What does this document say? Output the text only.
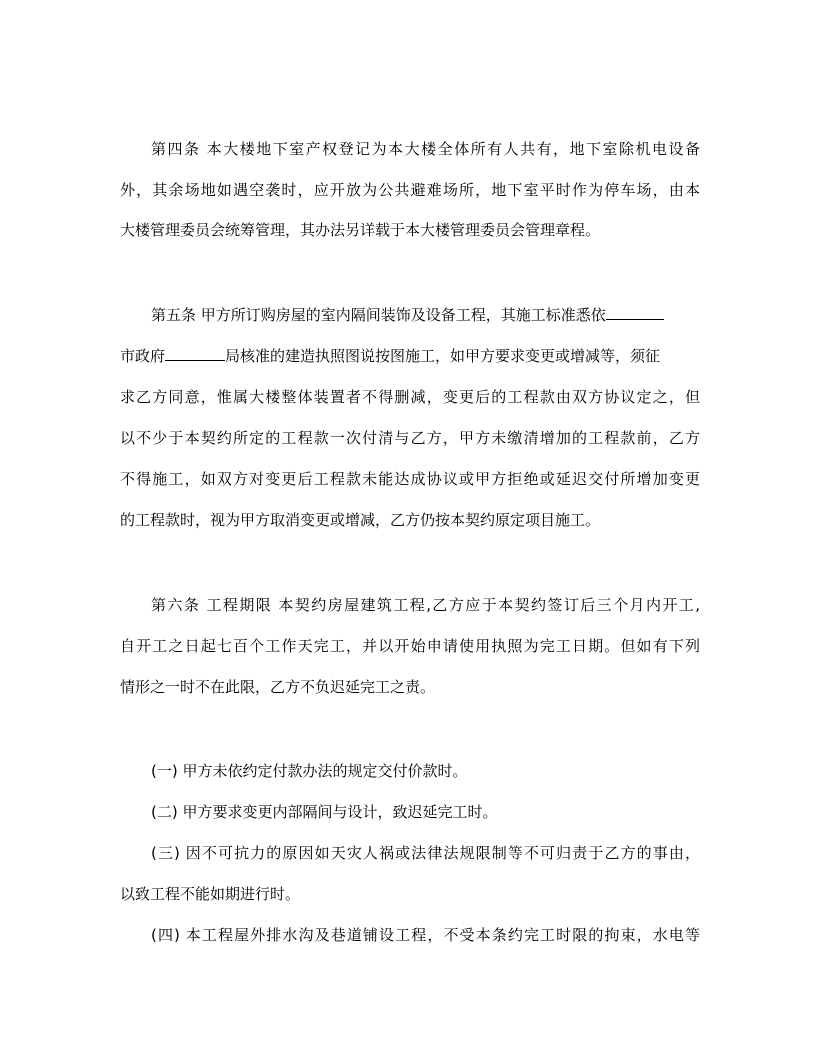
第四条 本大楼地下室产权登记为本大楼全体所有人共有，地下室除机电设备
外，其余场地如遇空袭时，应开放为公共避难场所，地下室平时作为停车场，由本
大楼管理委员会统筹管理，其办法另详载于本大楼管理委员会管理章程。
第五条 甲方所订购房屋的室内隔间装饰及设备工程，其施工标准悉依
市政府	局核准的建造执照图说按图施工，如甲方要求变更或增减等，须征
求乙方同意，惟属大楼整体装置者不得删减，变更后的工程款由双方协议定之，但
以不少于本契约所定的工程款一次付清与乙方，甲方未缴清增加的工程款前，乙方
不得施工，如双方对变更后工程款未能达成协议或甲方拒绝或延迟交付所增加变更
的工程款时，视为甲方取消变更或增减，乙方仍按本契约原定项目施工。
第六条 工程期限 本契约房屋建筑工程,乙方应于本契约签订后三个月内开工,
自开工之日起七百个工作天完工，并以开始申请使用执照为完工日期。但如有下列
情形之一时不在此限，乙方不负迟延完工之责。
(一) 甲方未依约定付款办法的规定交付价款时。
(二) 甲方要求变更内部隔间与设计，致迟延完工时。
(三) 因不可抗力的原因如天灾人祸或法律法规限制等不可归责于乙方的事由，
以致工程不能如期进行时。
(四) 本工程屋外排水沟及巷道铺设工程，不受本条约完工时限的拘束，水电等
